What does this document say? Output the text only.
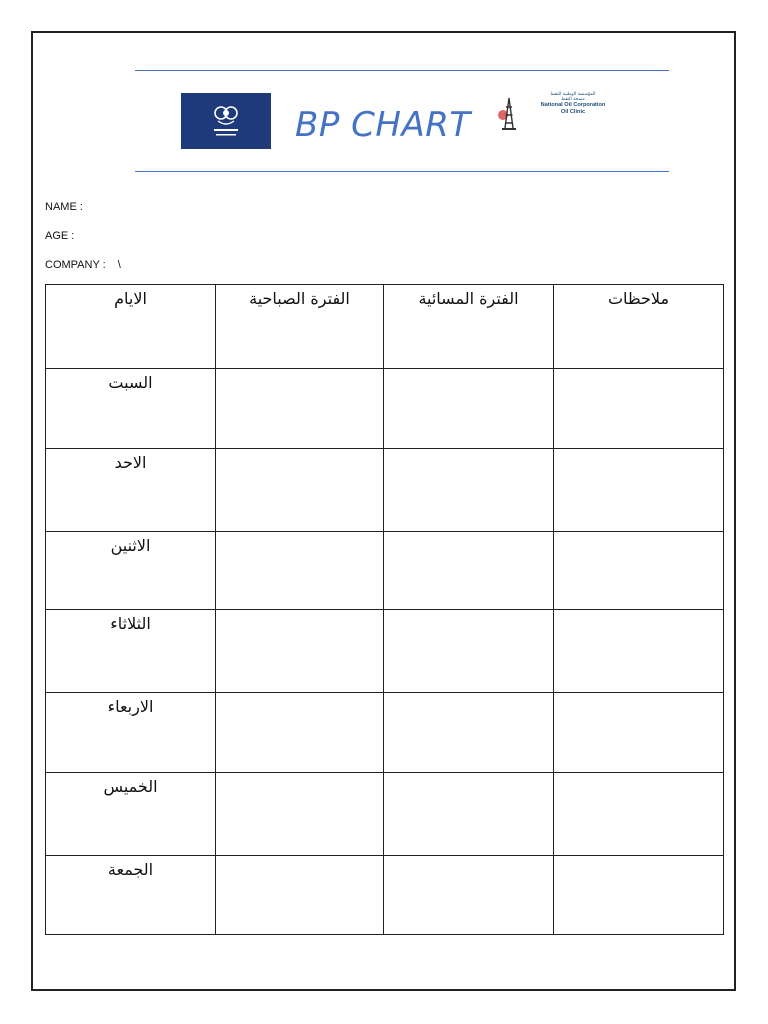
BP CHART
المؤسسة الوطنية للنفط
مصحة النفط
National Oil Corporation
Oil Clinic
NAME :
AGE :
COMPANY : \
الايام	الفترة الصباحية	الفترة المسائية	ملاحظات
السبت			
الاحد			
الاثنين			
الثلاثاء			
الاربعاء			
الخميس			
الجمعة			
